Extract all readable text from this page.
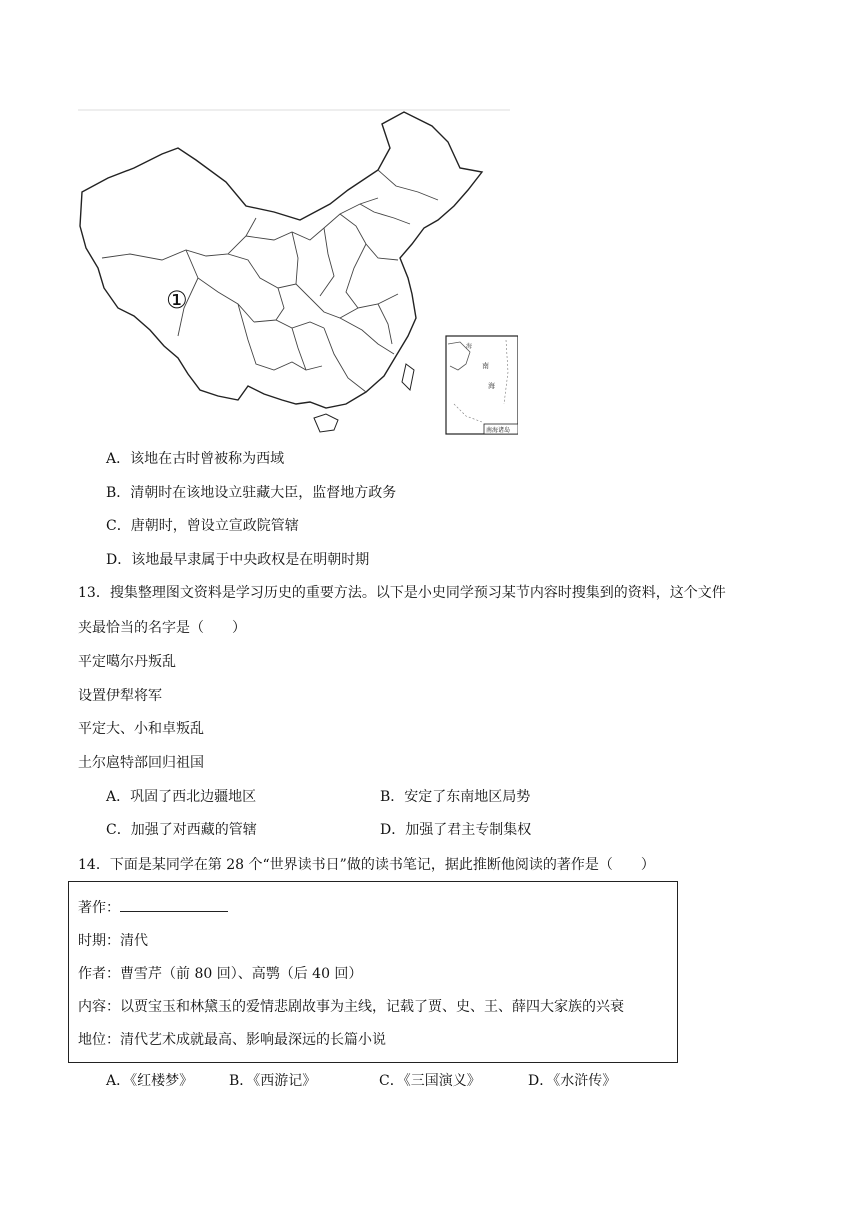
①
海
南
海
南海诸岛
A．该地在古时曾被称为西域
B．清朝时在该地设立驻藏大臣，监督地方政务
C．唐朝时，曾设立宣政院管辖
D．该地最早隶属于中央政权是在明朝时期
13．搜集整理图文资料是学习历史的重要方法。以下是小史同学预习某节内容时搜集到的资料，这个文件
夹最恰当的名字是（　　）
平定噶尔丹叛乱
设置伊犁将军
平定大、小和卓叛乱
土尔扈特部回归祖国
A．巩固了西北边疆地区	B．安定了东南地区局势
C．加强了对西藏的管辖	D．加强了君主专制集权
14．下面是某同学在第 28 个“世界读书日”做的读书笔记，据此推断他阅读的著作是（　　）
著作：
时期：清代
作者：曹雪芹（前 80 回）、高鹗（后 40 回）
内容：以贾宝玉和林黛玉的爱情悲剧故事为主线，记载了贾、史、王、薛四大家族的兴衰
地位：清代艺术成就最高、影响最深远的长篇小说
A．《红楼梦》	B．《西游记》	C．《三国演义》	D．《水浒传》
